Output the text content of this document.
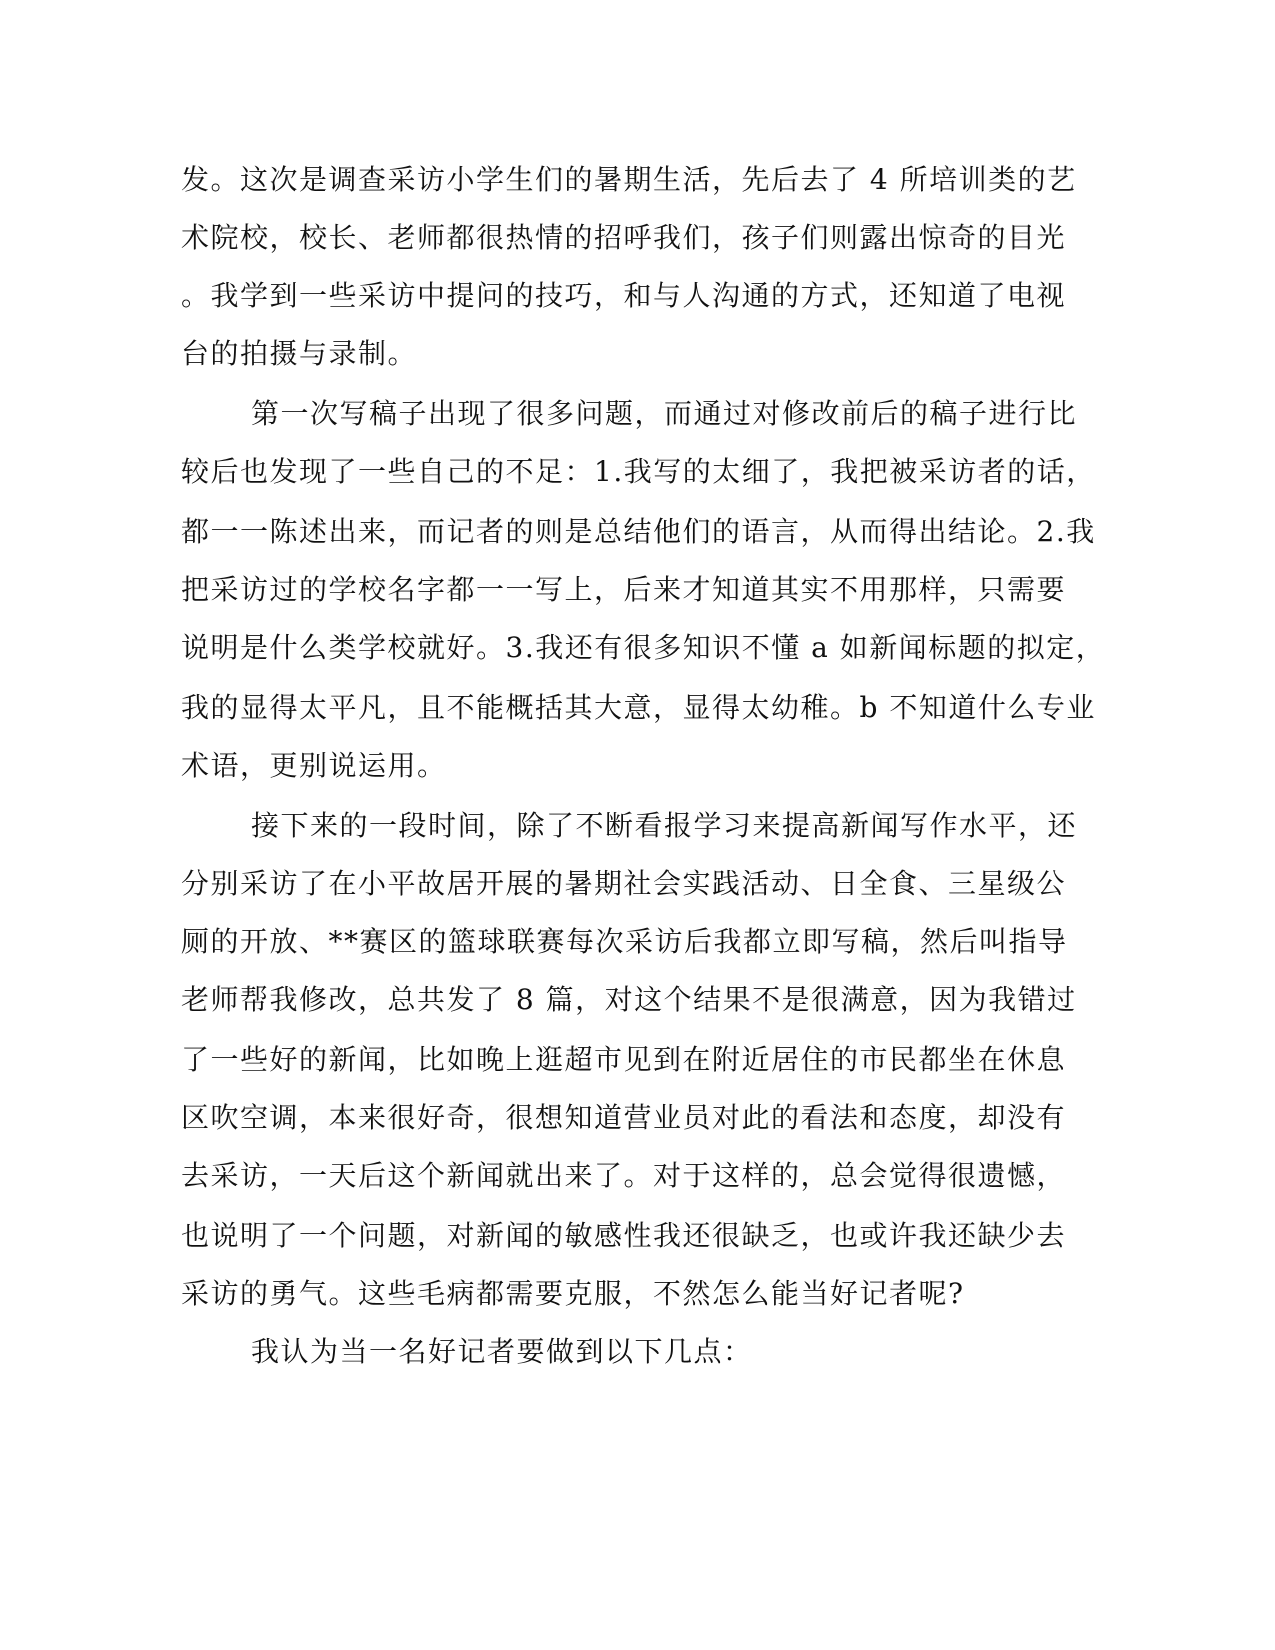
发。这次是调查采访小学生们的暑期生活，先后去了 4 所培训类的艺

术院校，校长、老师都很热情的招呼我们，孩子们则露出惊奇的目光

。我学到一些采访中提问的技巧，和与人沟通的方式，还知道了电视

台的拍摄与录制。

第一次写稿子出现了很多问题，而通过对修改前后的稿子进行比

较后也发现了一些自己的不足：1.我写的太细了，我把被采访者的话，

都一一陈述出来，而记者的则是总结他们的语言，从而得出结论。2.我

把采访过的学校名字都一一写上，后来才知道其实不用那样，只需要

说明是什么类学校就好。3.我还有很多知识不懂 a 如新闻标题的拟定，

我的显得太平凡，且不能概括其大意，显得太幼稚。b 不知道什么专业

术语，更别说运用。

接下来的一段时间，除了不断看报学习来提高新闻写作水平，还

分别采访了在小平故居开展的暑期社会实践活动、日全食、三星级公

厕的开放、**赛区的篮球联赛每次采访后我都立即写稿，然后叫指导

老师帮我修改，总共发了 8 篇，对这个结果不是很满意，因为我错过

了一些好的新闻，比如晚上逛超市见到在附近居住的市民都坐在休息

区吹空调，本来很好奇，很想知道营业员对此的看法和态度，却没有

去采访，一天后这个新闻就出来了。对于这样的，总会觉得很遗憾，

也说明了一个问题，对新闻的敏感性我还很缺乏，也或许我还缺少去

采访的勇气。这些毛病都需要克服，不然怎么能当好记者呢?

我认为当一名好记者要做到以下几点：
